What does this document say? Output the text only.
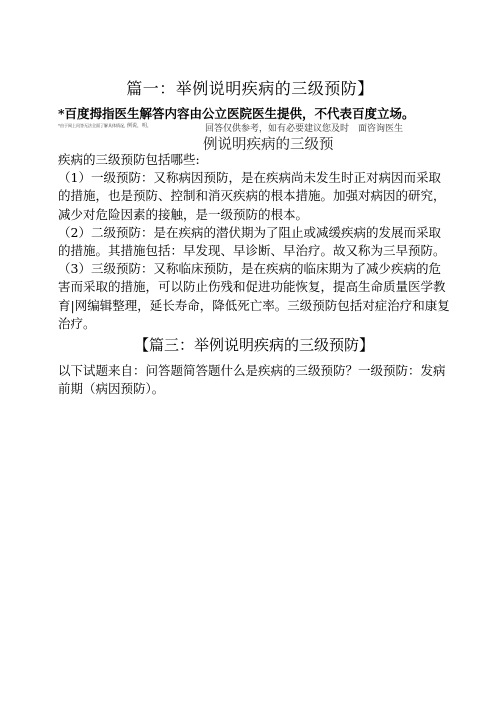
篇一：举例说明疾病的三级预防】
*百度拇指医生解答内容由公立医院医生提供，不代表百度立场。
*由于网上问答无法全面了解具体情况，
，例说，明，	回答仅供参考，如有必要建议您及时　面咨询医生
例说明疾病的三级预

疾病的三级预防包括哪些:

（1）一级预防：又称病因预防，是在疾病尚未发生时正对病因而采取的措施，也是预防、控制和消灭疾病的根本措施。加强对病因的研究，减少对危险因素的接触，是一级预防的根本。

（2）二级预防：是在疾病的潜伏期为了阻止或减缓疾病的发展而采取的措施。其措施包括：早发现、早诊断、早治疗。故又称为三早预防。

（3）三级预防：又称临床预防，是在疾病的临床期为了减少疾病的危害而采取的措施，可以防止伤残和促进功能恢复，提高生命质量医学教育|网编辑整理，延长寿命，降低死亡率。三级预防包括对症治疗和康复治疗。

【篇三：举例说明疾病的三级预防】

以下试题来自：问答题简答题什么是疾病的三级预防？一级预防：发病前期（病因预防）。
